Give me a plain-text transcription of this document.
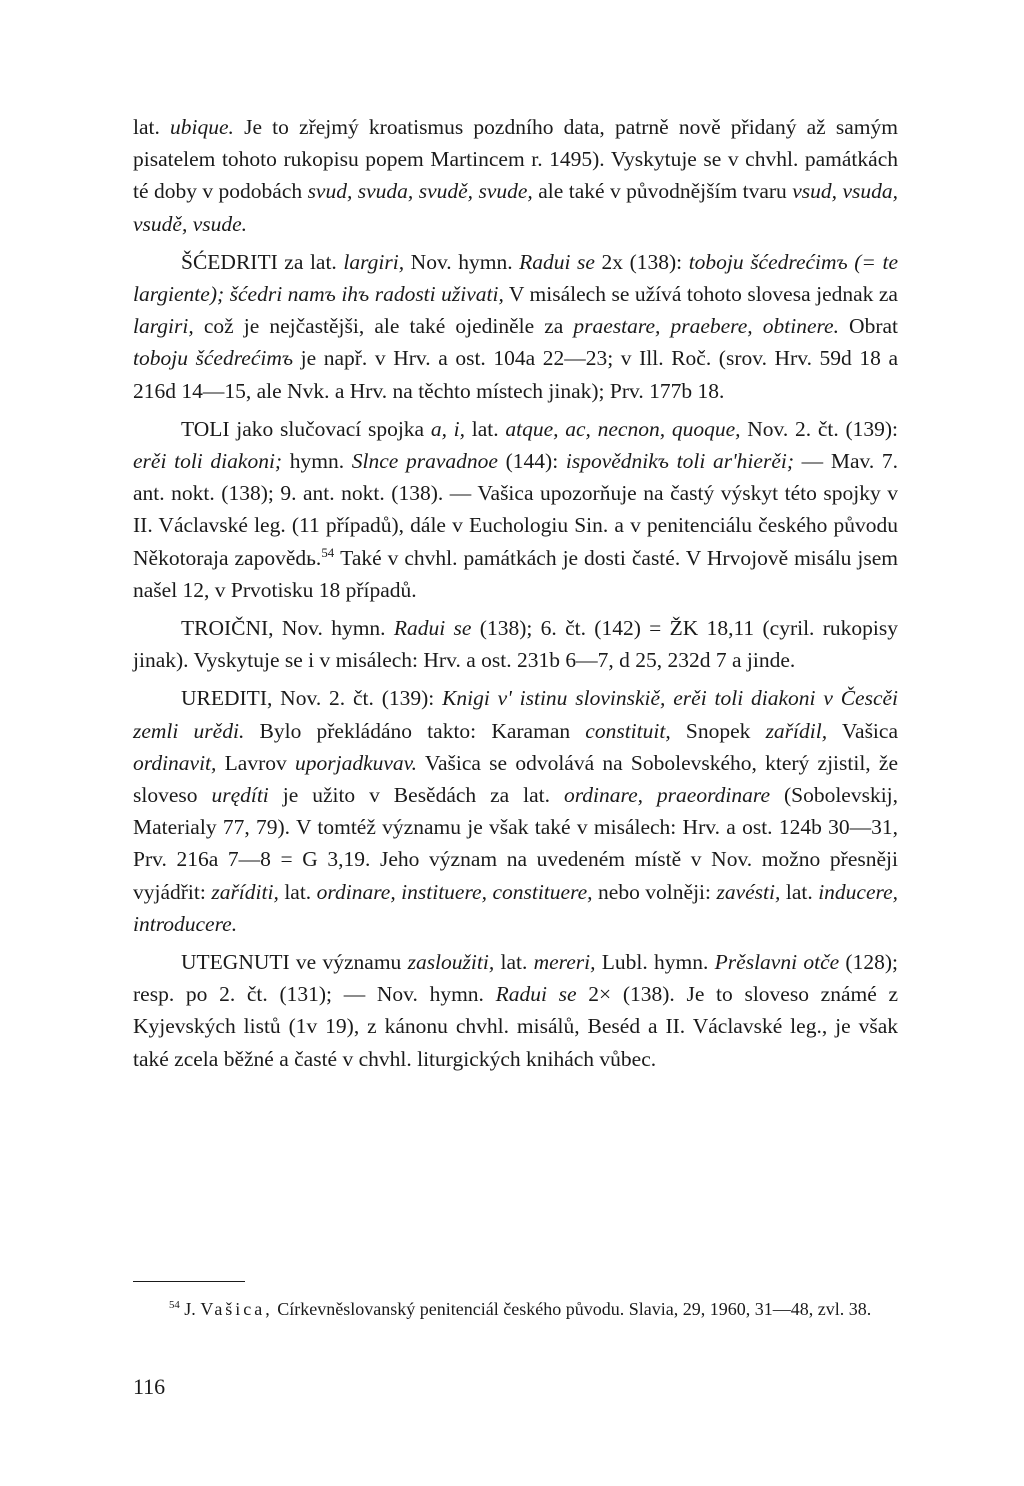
lat. ubique. Je to zřejmý kroatismus pozdního data, patrně nově přidaný až samým pisatelem tohoto rukopisu popem Martincem r. 1495). Vyskytuje se v chvhl. památkách té doby v podobách svud, svuda, svudě, svude, ale také v původnějším tvaru vsud, vsuda, vsudě, vsude.

ŠĆEDRITI za lat. largiri, Nov. hymn. Radui se 2x (138): toboju šćedrećimъ (= te largiente); šćedri namъ ihъ radosti uživati, V misálech se užívá tohoto slovesa jednak za largiri, což je nejčastějši, ale také ojediněle za praestare, praebere, obtinere. Obrat toboju šćedrećimъ je např. v Hrv. a ost. 104a 22—23; v Ill. Roč. (srov. Hrv. 59d 18 a 216d 14—15, ale Nvk. a Hrv. na těchto místech jinak); Prv. 177b 18.

TOLI jako slučovací spojka a, i, lat. atque, ac, necnon, quoque, Nov. 2. čt. (139): erěi toli diakoni; hymn. Slnce pravadnoe (144): ispovědnikъ toli ar'hierěi; — Mav. 7. ant. nokt. (138); 9. ant. nokt. (138). — Vašica upozorňuje na častý výskyt této spojky v II. Václavské leg. (11 případů), dále v Euchologiu Sin. a v penitenciálu českého původu Někotoraja zapovědь.$^{54}$ Také v chvhl. památkách je dosti časté. V Hrvojově misálu jsem našel 12, v Prvotisku 18 případů.

TROIČNI, Nov. hymn. Radui se (138); 6. čt. (142) = ŽK 18,11 (cyril. rukopisy jinak). Vyskytuje se i v misálech: Hrv. a ost. 231b 6—7, d 25, 232d 7 a jinde.

UREDITI, Nov. 2. čt. (139): Knigi v' istinu slovinskiě, erěi toli diakoni v Čescěi zemli urědi. Bylo překládáno takto: Karaman constituit, Snopek zařídil, Vašica ordinavit, Lavrov uporjadkuvav. Vašica se odvolává na Sobolevského, který zjistil, že sloveso urędíti je užito v Besědách za lat. ordinare, praeordinare (Sobolevskij, Materialy 77, 79). V tomtéž významu je však také v misálech: Hrv. a ost. 124b 30—31, Prv. 216a 7—8 = G 3,19. Jeho význam na uvedeném místě v Nov. možno přesněji vyjádřit: zaříditi, lat. ordinare, instituere, constituere, nebo volněji: zavésti, lat. inducere, introducere.

UTEGNUTI ve významu zasloužiti, lat. mereri, Lubl. hymn. Prěslavni otče (128); resp. po 2. čt. (131); — Nov. hymn. Radui se 2× (138). Je to sloveso známé z Kyjevských listů (1v 19), z kánonu chvhl. misálů, Beséd a II. Václavské leg., je však také zcela běžné a časté v chvhl. liturgických knihách vůbec.

$^{54}$ J. Vašica, Církevněslovanský penitenciál českého původu. Slavia, 29, 1960, 31—48, zvl. 38.

116
